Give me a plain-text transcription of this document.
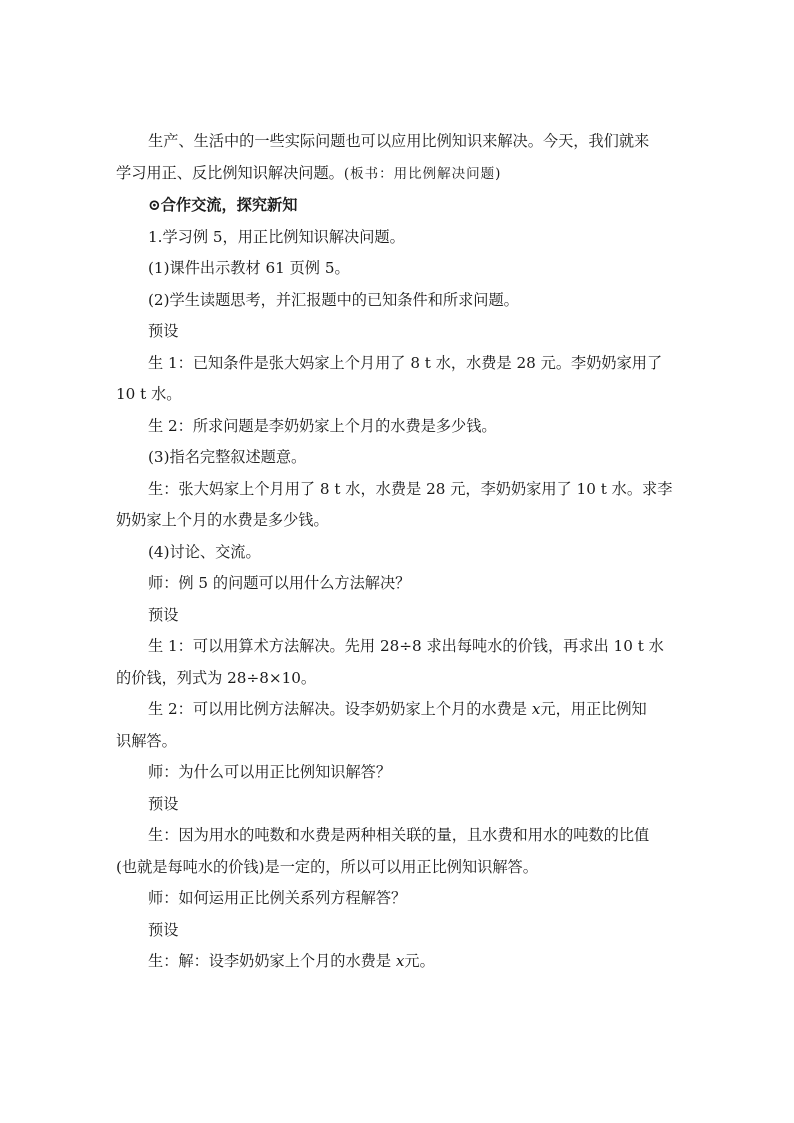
生产、生活中的一些实际问题也可以应用比例知识来解决。今天，我们就来

学习用正、反比例知识解决问题。(板书：用比例解决问题)

⊙合作交流，探究新知

1.学习例 5，用正比例知识解决问题。

(1)课件出示教材 61 页例 5。

(2)学生读题思考，并汇报题中的已知条件和所求问题。

预设

生 1：已知条件是张大妈家上个月用了 8 t 水，水费是 28 元。李奶奶家用了

10 t 水。

生 2：所求问题是李奶奶家上个月的水费是多少钱。

(3)指名完整叙述题意。

生：张大妈家上个月用了 8 t 水，水费是 28 元，李奶奶家用了 10 t 水。求李

奶奶家上个月的水费是多少钱。

(4)讨论、交流。

师：例 5 的问题可以用什么方法解决？

预设

生 1：可以用算术方法解决。先用 28÷8 求出每吨水的价钱，再求出 10 t 水

的价钱，列式为 28÷8×10。

生 2：可以用比例方法解决。设李奶奶家上个月的水费是 x元，用正比例知

识解答。

师：为什么可以用正比例知识解答？

预设

生：因为用水的吨数和水费是两种相关联的量，且水费和用水的吨数的比值

(也就是每吨水的价钱)是一定的，所以可以用正比例知识解答。

师：如何运用正比例关系列方程解答？

预设

生：解：设李奶奶家上个月的水费是 x元。
